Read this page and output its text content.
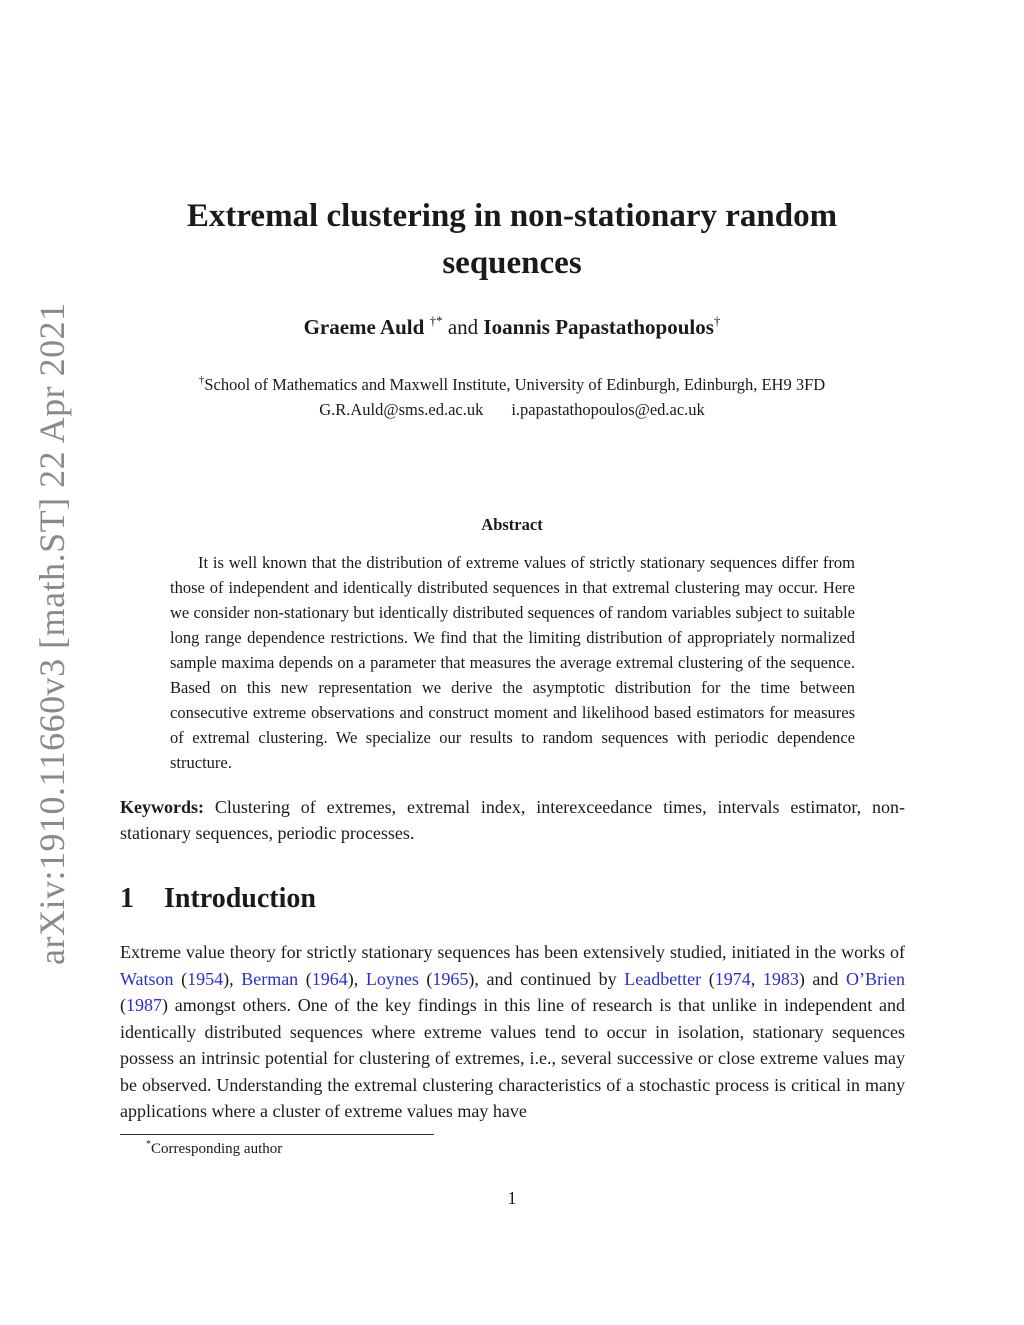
arXiv:1910.11660v3 [math.ST] 22 Apr 2021
Extremal clustering in non-stationary random sequences
Graeme Auld †* and Ioannis Papastathopoulos†
†School of Mathematics and Maxwell Institute, University of Edinburgh, Edinburgh, EH9 3FD
G.R.Auld@sms.ed.ac.uk i.papastathopoulos@ed.ac.uk
Abstract

It is well known that the distribution of extreme values of strictly stationary sequences differ from those of independent and identically distributed sequences in that extremal clustering may occur. Here we consider non-stationary but identically distributed sequences of random variables subject to suitable long range dependence restrictions. We find that the limiting distribution of appropriately normalized sample maxima depends on a parameter that measures the average extremal clustering of the sequence. Based on this new representation we derive the asymptotic distribution for the time between consecutive extreme observations and construct moment and likelihood based estimators for measures of extremal clustering. We specialize our results to random sequences with periodic dependence structure.

Keywords: Clustering of extremes, extremal index, interexceedance times, intervals estimator, non-stationary sequences, periodic processes.

1 Introduction

Extreme value theory for strictly stationary sequences has been extensively studied, initiated in the works of Watson (1954), Berman (1964), Loynes (1965), and continued by Leadbetter (1974, 1983) and O’Brien (1987) amongst others. One of the key findings in this line of research is that unlike in independent and identically distributed sequences where extreme values tend to occur in isolation, stationary sequences possess an intrinsic potential for clustering of extremes, i.e., several successive or close extreme values may be observed. Understanding the extremal clustering characteristics of a stochastic process is critical in many applications where a cluster of extreme values may have

*Corresponding author
1
